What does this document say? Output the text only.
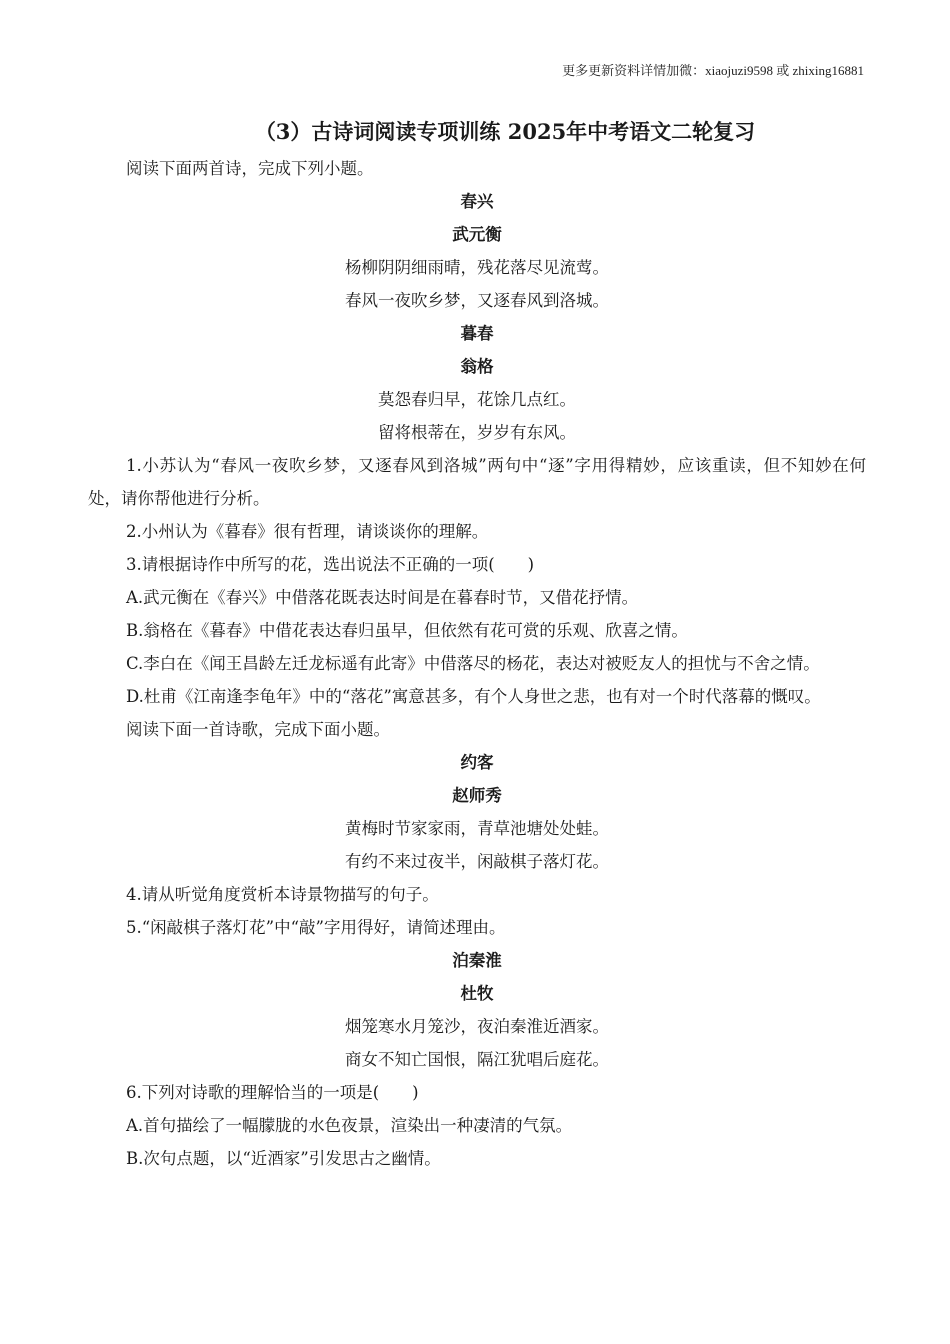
更多更新资料详情加微：xiaojuzi9598 或 zhixing16881
（3）古诗词阅读专项训练 2025年中考语文二轮复习

阅读下面两首诗，完成下列小题。

春兴

武元衡

杨柳阴阴细雨晴，残花落尽见流莺。

春风一夜吹乡梦，又逐春风到洛城。

暮春

翁格

莫怨春归早，花馀几点红。

留将根蒂在，岁岁有东风。

1.小苏认为“春风一夜吹乡梦，又逐春风到洛城”两句中“逐”字用得精妙，应该重读，但不知妙在何处，请你帮他进行分析。

2.小州认为《暮春》很有哲理，请谈谈你的理解。

3.请根据诗作中所写的花，选出说法不正确的一项(　　)

A.武元衡在《春兴》中借落花既表达时间是在暮春时节，又借花抒情。

B.翁格在《暮春》中借花表达春归虽早，但依然有花可赏的乐观、欣喜之情。

C.李白在《闻王昌龄左迁龙标遥有此寄》中借落尽的杨花，表达对被贬友人的担忧与不舍之情。

D.杜甫《江南逢李龟年》中的“落花”寓意甚多，有个人身世之悲，也有对一个时代落幕的慨叹。

阅读下面一首诗歌，完成下面小题。

约客

赵师秀

黄梅时节家家雨，青草池塘处处蛙。

有约不来过夜半，闲敲棋子落灯花。

4.请从听觉角度赏析本诗景物描写的句子。

5.“闲敲棋子落灯花”中“敲”字用得好，请简述理由。

泊秦淮

杜牧

烟笼寒水月笼沙，夜泊秦淮近酒家。

商女不知亡国恨，隔江犹唱后庭花。

6.下列对诗歌的理解恰当的一项是(　　)

A.首句描绘了一幅朦胧的水色夜景，渲染出一种凄清的气氛。

B.次句点题，以“近酒家”引发思古之幽情。
